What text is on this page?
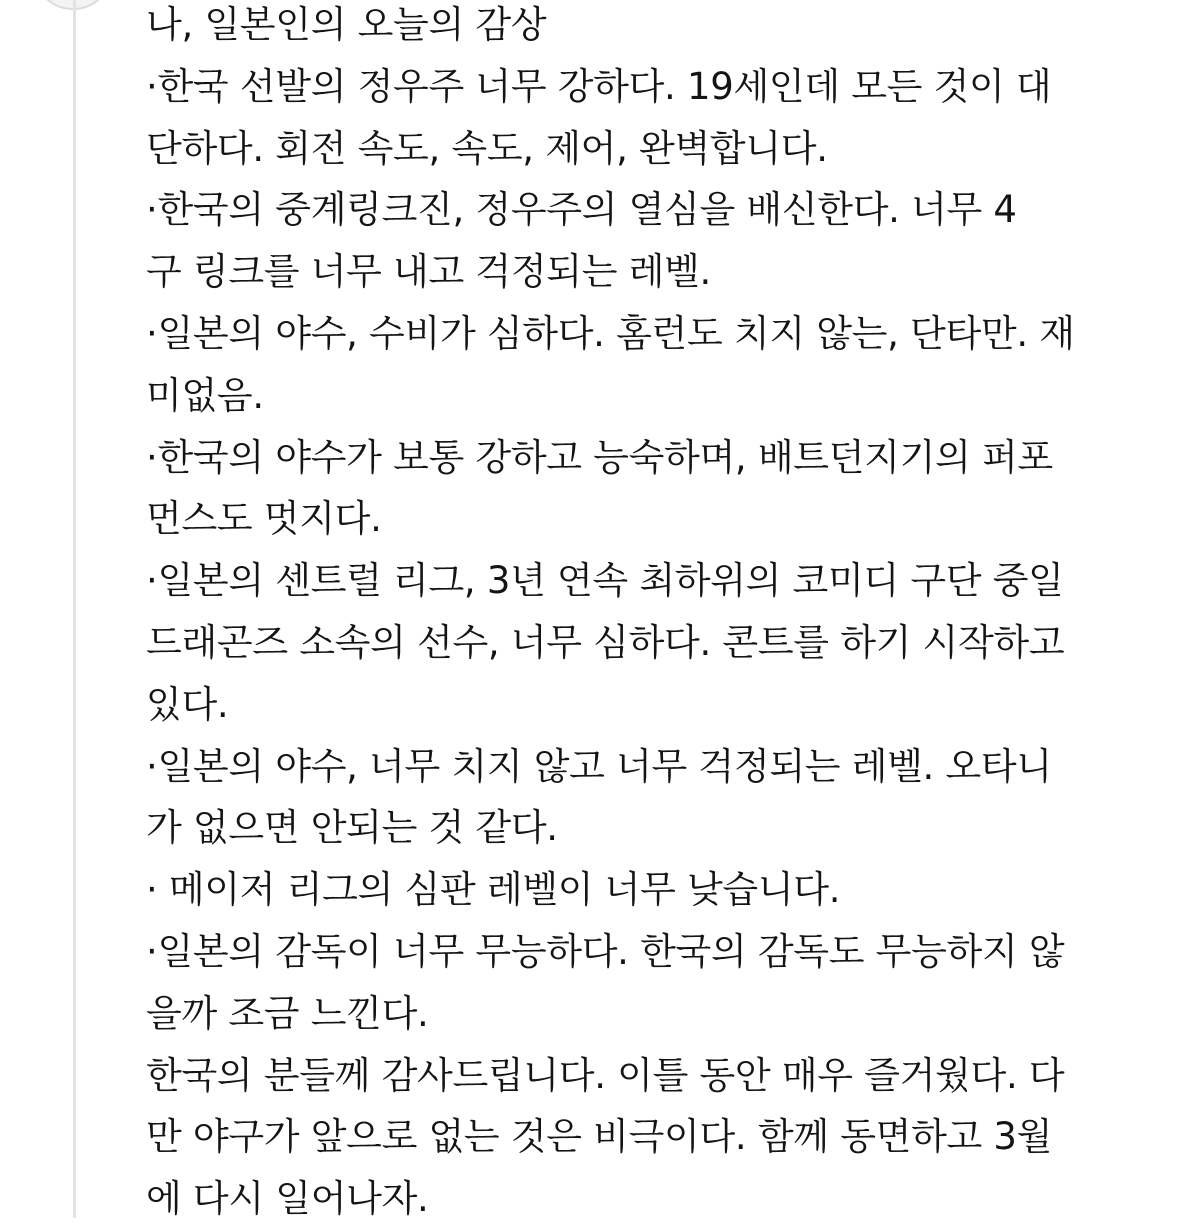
나, 일본인의 오늘의 감상
·한국 선발의 정우주 너무 강하다. 19세인데 모든 것이 대
단하다. 회전 속도, 속도, 제어, 완벽합니다.
·한국의 중계링크진, 정우주의 열심을 배신한다. 너무 4
구 링크를 너무 내고 걱정되는 레벨.
·일본의 야수, 수비가 심하다. 홈런도 치지 않는, 단타만. 재
미없음.
·한국의 야수가 보통 강하고 능숙하며, 배트던지기의 퍼포
먼스도 멋지다.
·일본의 센트럴 리그, 3년 연속 최하위의 코미디 구단 중일
드래곤즈 소속의 선수, 너무 심하다. 콘트를 하기 시작하고
있다.
·일본의 야수, 너무 치지 않고 너무 걱정되는 레벨. 오타니
가 없으면 안되는 것 같다.
· 메이저 리그의 심판 레벨이 너무 낮습니다.
·일본의 감독이 너무 무능하다. 한국의 감독도 무능하지 않
을까 조금 느낀다.
한국의 분들께 감사드립니다. 이틀 동안 매우 즐거웠다. 다
만 야구가 앞으로 없는 것은 비극이다. 함께 동면하고 3월
에 다시 일어나자.
